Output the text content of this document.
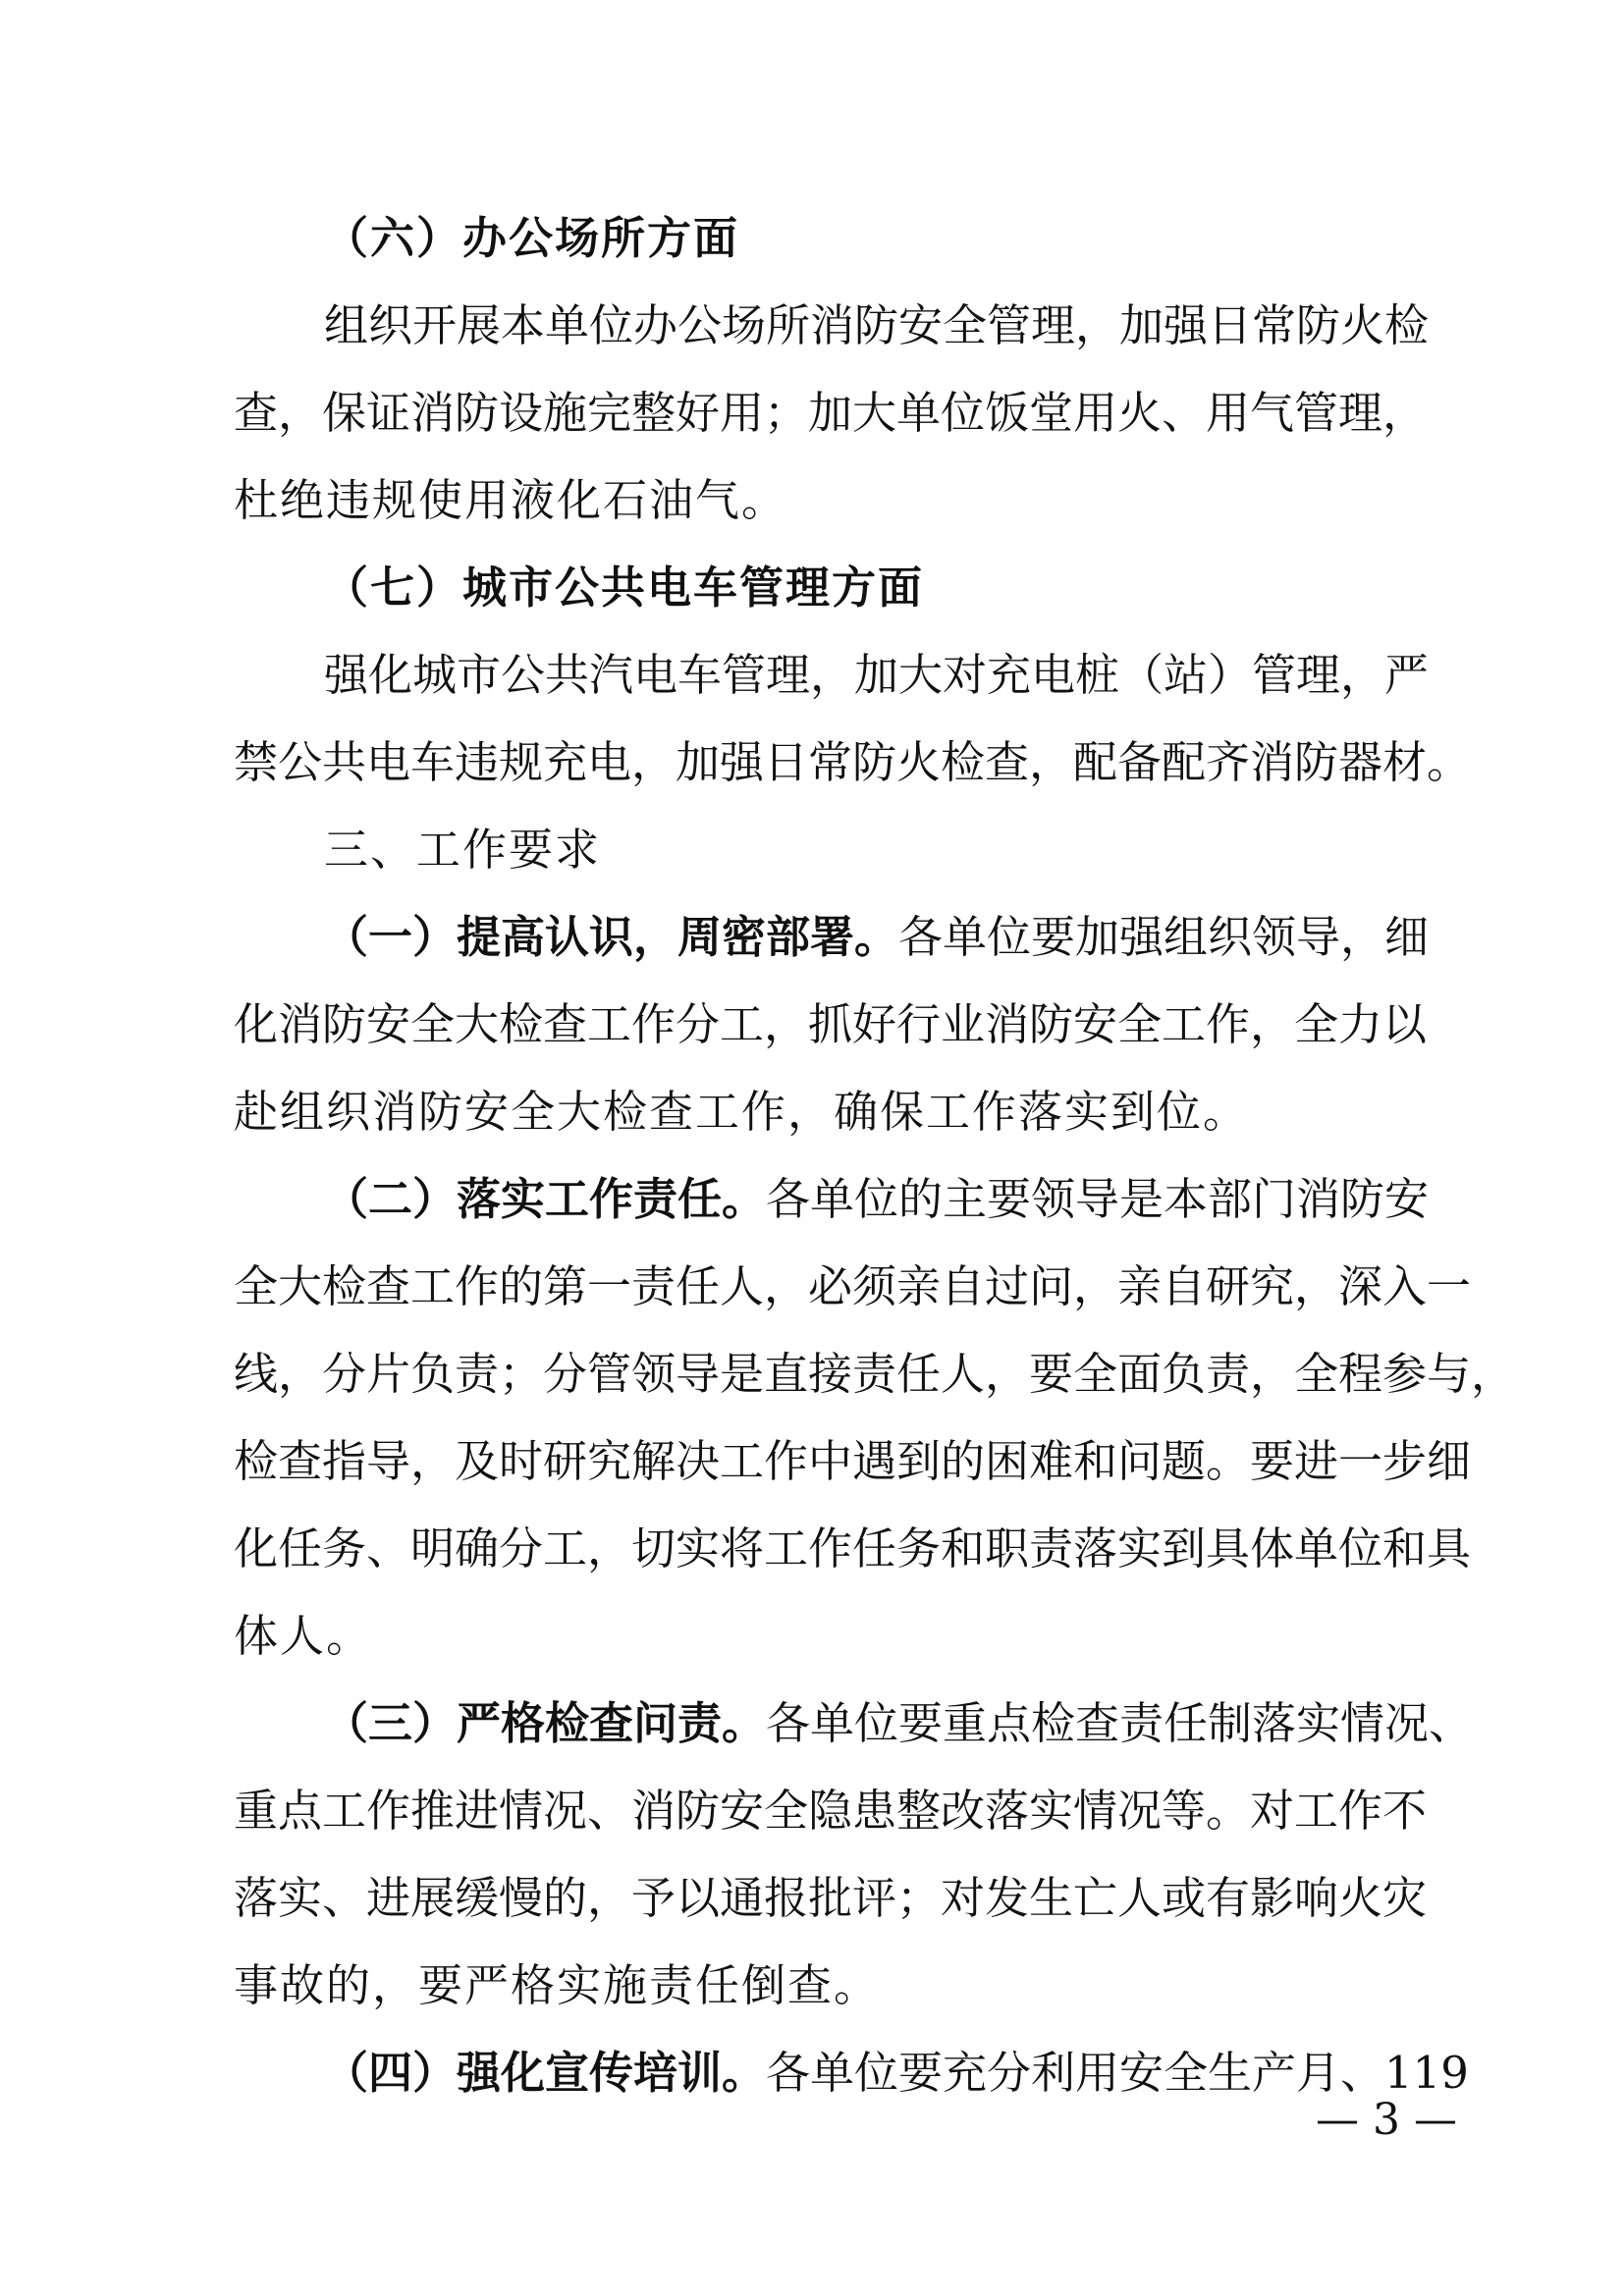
（六）办公场所方面
组织开展本单位办公场所消防安全管理，加强日常防火检
查，保证消防设施完整好用；加大单位饭堂用火、用气管理，
杜绝违规使用液化石油气。
（七）城市公共电车管理方面
强化城市公共汽电车管理，加大对充电桩（站）管理，严
禁公共电车违规充电，加强日常防火检查，配备配齐消防器材。
三、工作要求
（一）提高认识，周密部署。各单位要加强组织领导，细
化消防安全大检查工作分工，抓好行业消防安全工作，全力以
赴组织消防安全大检查工作，确保工作落实到位。
（二）落实工作责任。各单位的主要领导是本部门消防安
全大检查工作的第一责任人，必须亲自过问，亲自研究，深入一
线，分片负责；分管领导是直接责任人，要全面负责，全程参与，
检查指导，及时研究解决工作中遇到的困难和问题。要进一步细
化任务、明确分工，切实将工作任务和职责落实到具体单位和具
体人。
（三）严格检查问责。各单位要重点检查责任制落实情况、
重点工作推进情况、消防安全隐患整改落实情况等。对工作不
落实、进展缓慢的，予以通报批评；对发生亡人或有影响火灾
事故的，要严格实施责任倒查。
（四）强化宣传培训。各单位要充分利用安全生产月、119
— 3 —
